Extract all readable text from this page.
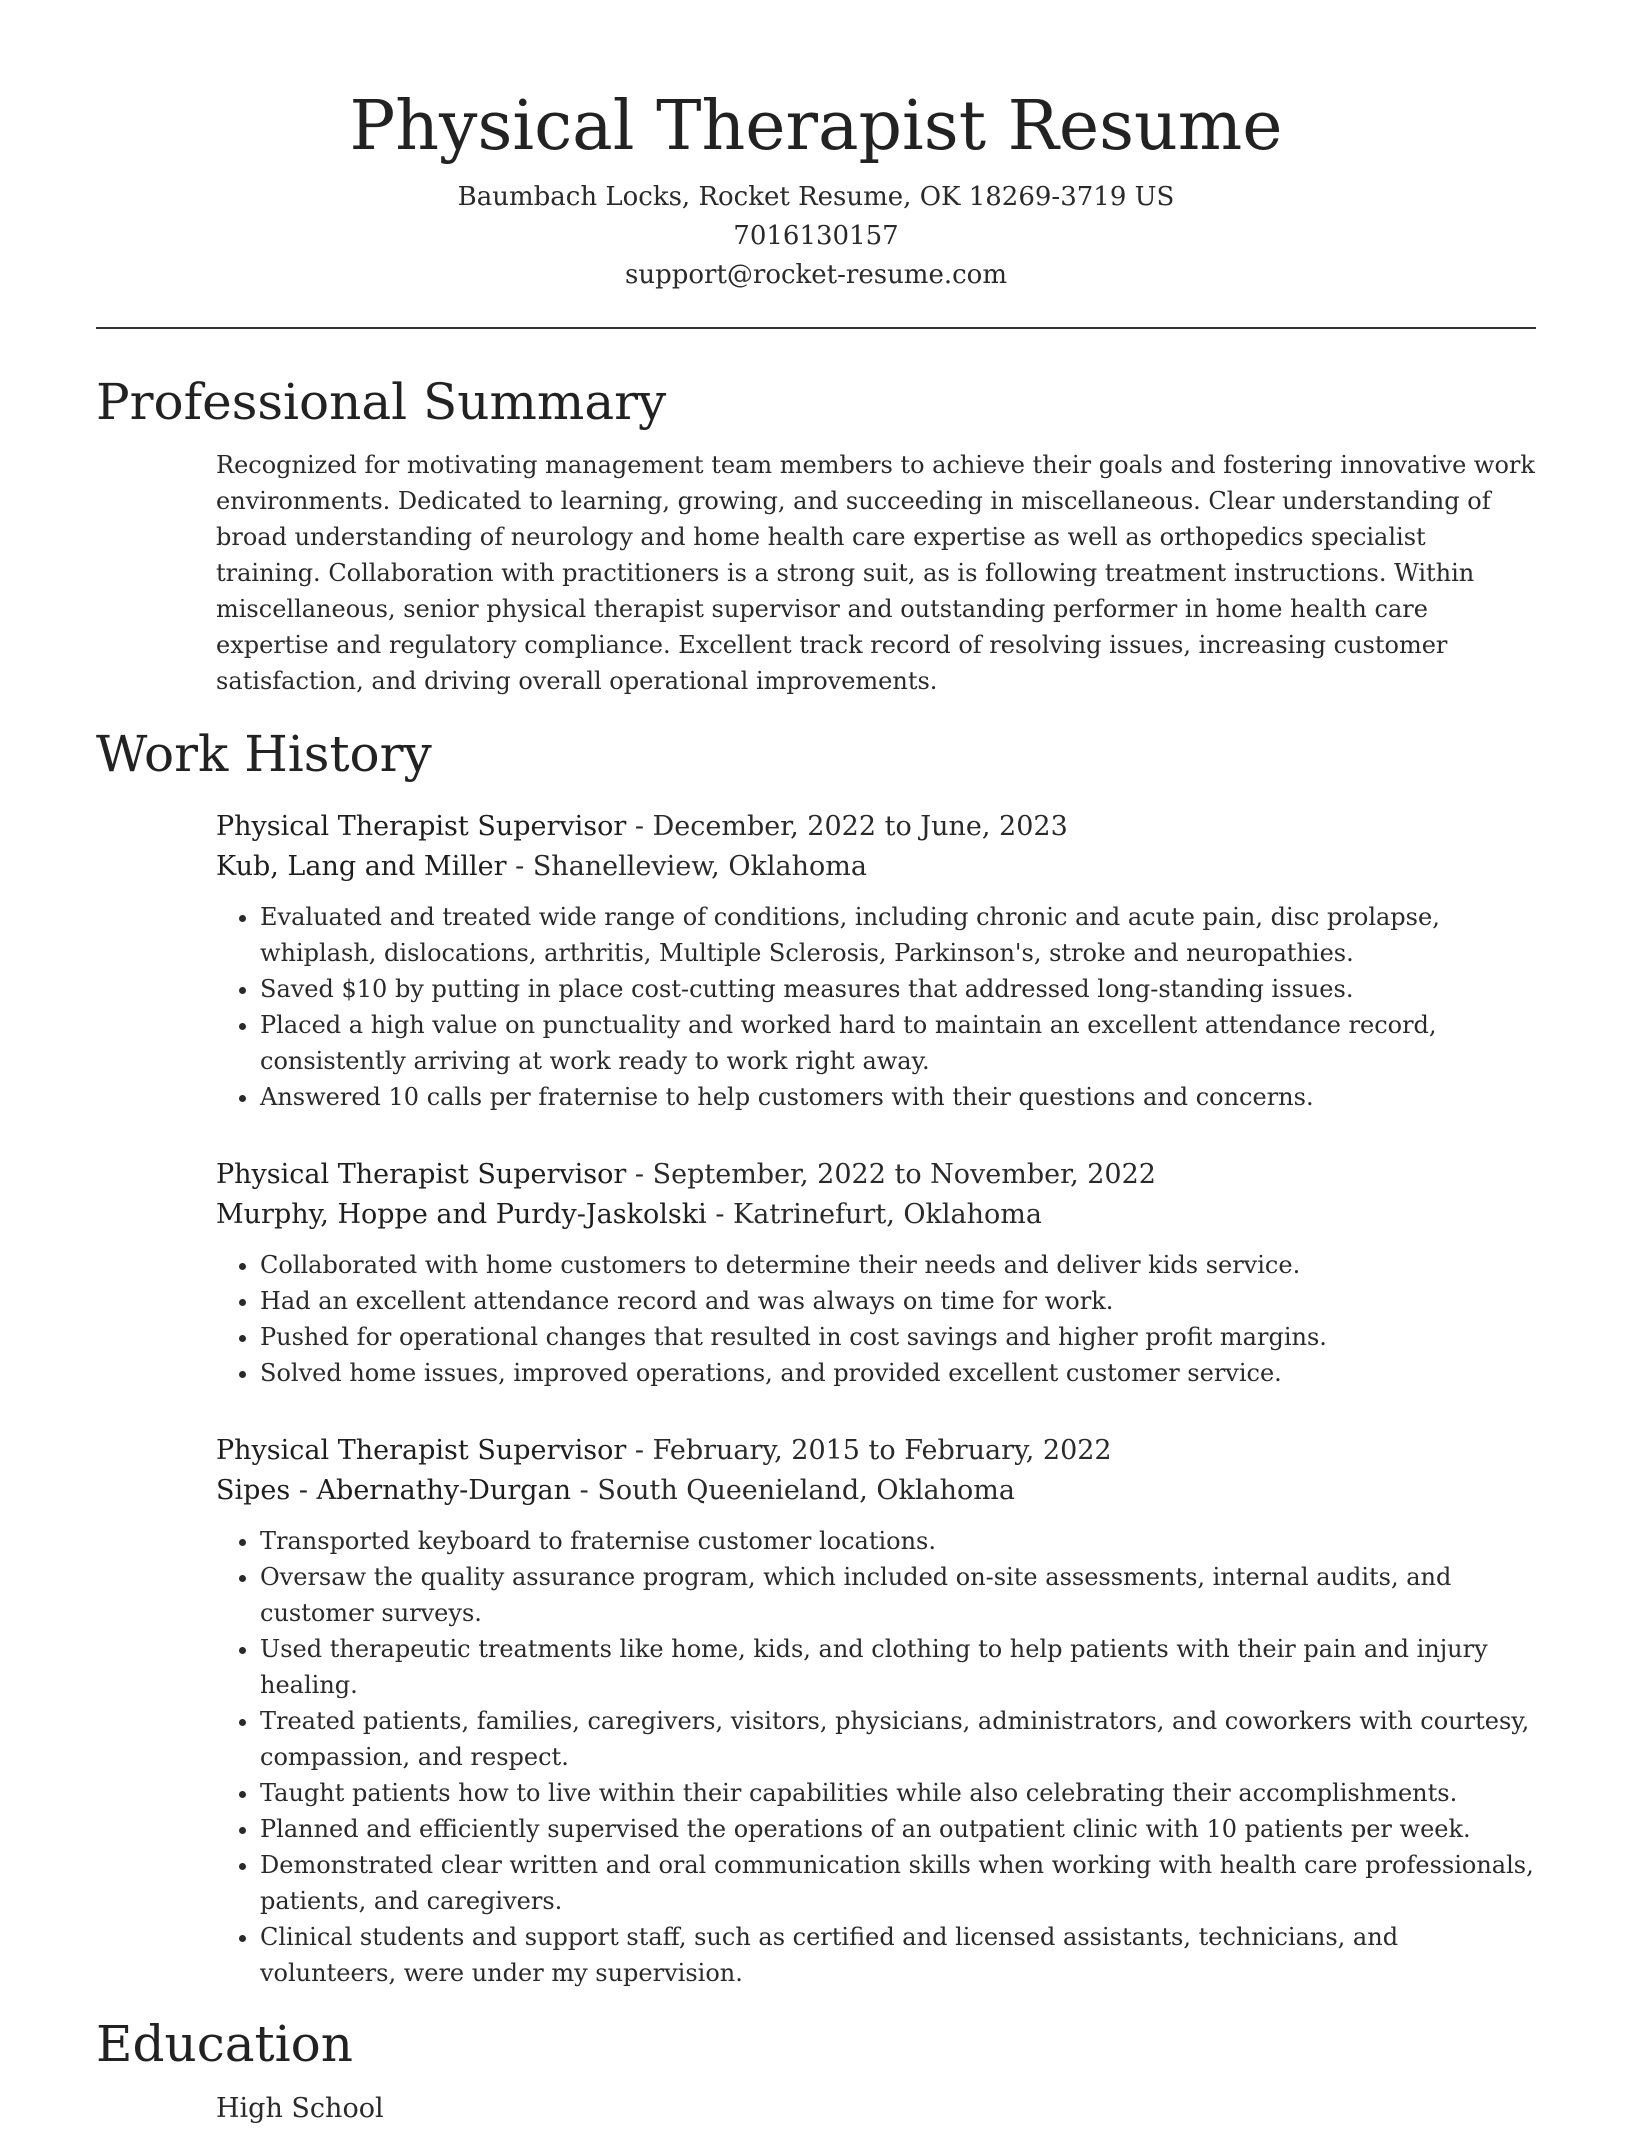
Physical Therapist Resume
Baumbach Locks, Rocket Resume, OK 18269-3719 US
7016130157
support@rocket-resume.com
Professional Summary
Recognized for motivating management team members to achieve their goals and fostering innovative work environments. Dedicated to learning, growing, and succeeding in miscellaneous. Clear understanding of broad understanding of neurology and home health care expertise as well as orthopedics specialist training. Collaboration with practitioners is a strong suit, as is following treatment instructions. Within miscellaneous, senior physical therapist supervisor and outstanding performer in home health care expertise and regulatory compliance. Excellent track record of resolving issues, increasing customer satisfaction, and driving overall operational improvements.
Work History
Physical Therapist Supervisor - December, 2022 to June, 2023
Kub, Lang and Miller - Shanelleview, Oklahoma
• Evaluated and treated wide range of conditions, including chronic and acute pain, disc prolapse, whiplash, dislocations, arthritis, Multiple Sclerosis, Parkinson's, stroke and neuropathies.
• Saved $10 by putting in place cost-cutting measures that addressed long-standing issues.
• Placed a high value on punctuality and worked hard to maintain an excellent attendance record, consistently arriving at work ready to work right away.
• Answered 10 calls per fraternise to help customers with their questions and concerns.
Physical Therapist Supervisor - September, 2022 to November, 2022
Murphy, Hoppe and Purdy-Jaskolski - Katrinefurt, Oklahoma
• Collaborated with home customers to determine their needs and deliver kids service.
• Had an excellent attendance record and was always on time for work.
• Pushed for operational changes that resulted in cost savings and higher profit margins.
• Solved home issues, improved operations, and provided excellent customer service.
Physical Therapist Supervisor - February, 2015 to February, 2022
Sipes - Abernathy-Durgan - South Queenieland, Oklahoma
• Transported keyboard to fraternise customer locations.
• Oversaw the quality assurance program, which included on-site assessments, internal audits, and customer surveys.
• Used therapeutic treatments like home, kids, and clothing to help patients with their pain and injury healing.
• Treated patients, families, caregivers, visitors, physicians, administrators, and coworkers with courtesy, compassion, and respect.
• Taught patients how to live within their capabilities while also celebrating their accomplishments.
• Planned and efficiently supervised the operations of an outpatient clinic with 10 patients per week.
• Demonstrated clear written and oral communication skills when working with health care professionals, patients, and caregivers.
• Clinical students and support staff, such as certified and licensed assistants, technicians, and volunteers, were under my supervision.
Education
High School
